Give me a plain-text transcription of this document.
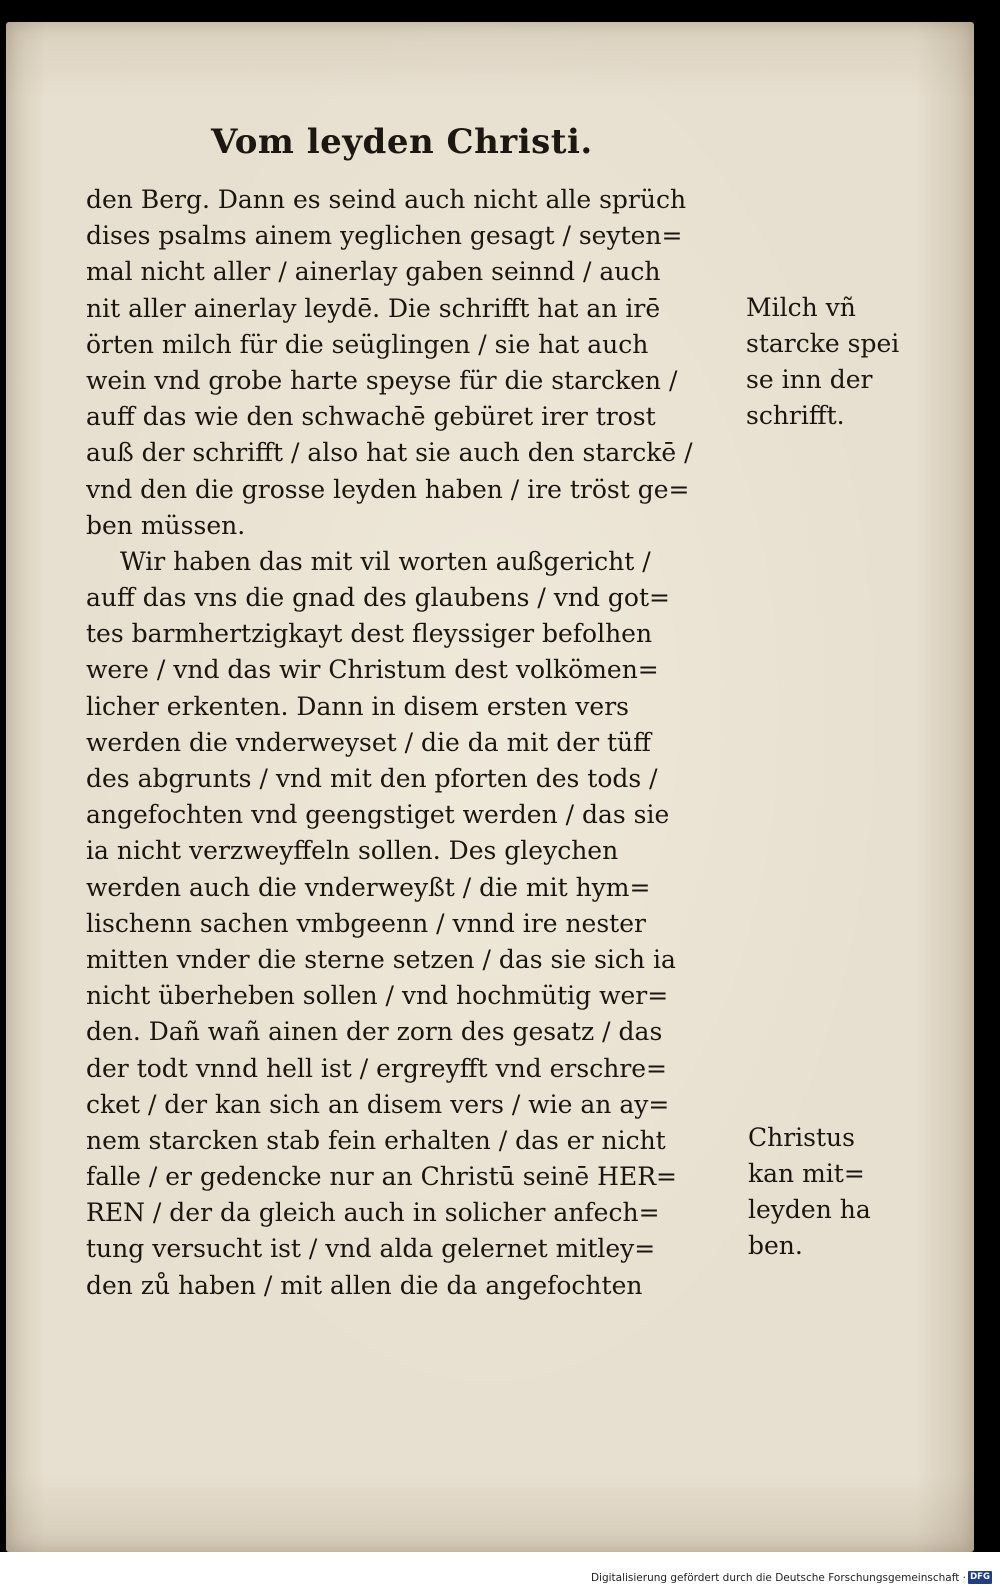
Vom leyden Christi.
den Berg. Dann es seind auch nicht alle sprüch
dises psalms ainem yeglichen gesagt / seyten=
mal nicht aller / ainerlay gaben seinnd / auch
nit aller ainerlay leydē. Die schrifft hat an irē
örten milch für die seüglingen / sie hat auch
wein vnd grobe harte speyse für die starcken /
auff das wie den schwachē gebüret irer trost
auß der schrifft / also hat sie auch den starckē /
vnd den die grosse leyden haben / ire tröst ge=
ben müssen.
Wir haben das mit vil worten außgericht /
auff das vns die gnad des glaubens / vnd got=
tes barmhertzigkayt dest fleyssiger befolhen
were / vnd das wir Christum dest volkömen=
licher erkenten. Dann in disem ersten vers
werden die vnderweyset / die da mit der tüff
des abgrunts / vnd mit den pforten des tods /
angefochten vnd geengstiget werden / das sie
ia nicht verzweyffeln sollen. Des gleychen
werden auch die vnderweyßt / die mit hym=
lischenn sachen vmbgeenn / vnnd ire nester
mitten vnder die sterne setzen / das sie sich ia
nicht überheben sollen / vnd hochmütig wer=
den. Dañ wañ ainen der zorn des gesatz / das
der todt vnnd hell ist / ergreyfft vnd erschre=
cket / der kan sich an disem vers / wie an ay=
nem starcken stab fein erhalten / das er nicht
falle / er gedencke nur an Christū seinē HER=
REN / der da gleich auch in solicher anfech=
tung versucht ist / vnd alda gelernet mitley=
den zů haben / mit allen die da angefochten
Milch vñ
starcke spei
se inn der
schrifft.
Christus
kan mit=
leyden ha
ben.
Digitalisierung gefördert durch die Deutsche Forschungsgemeinschaft · DFG
